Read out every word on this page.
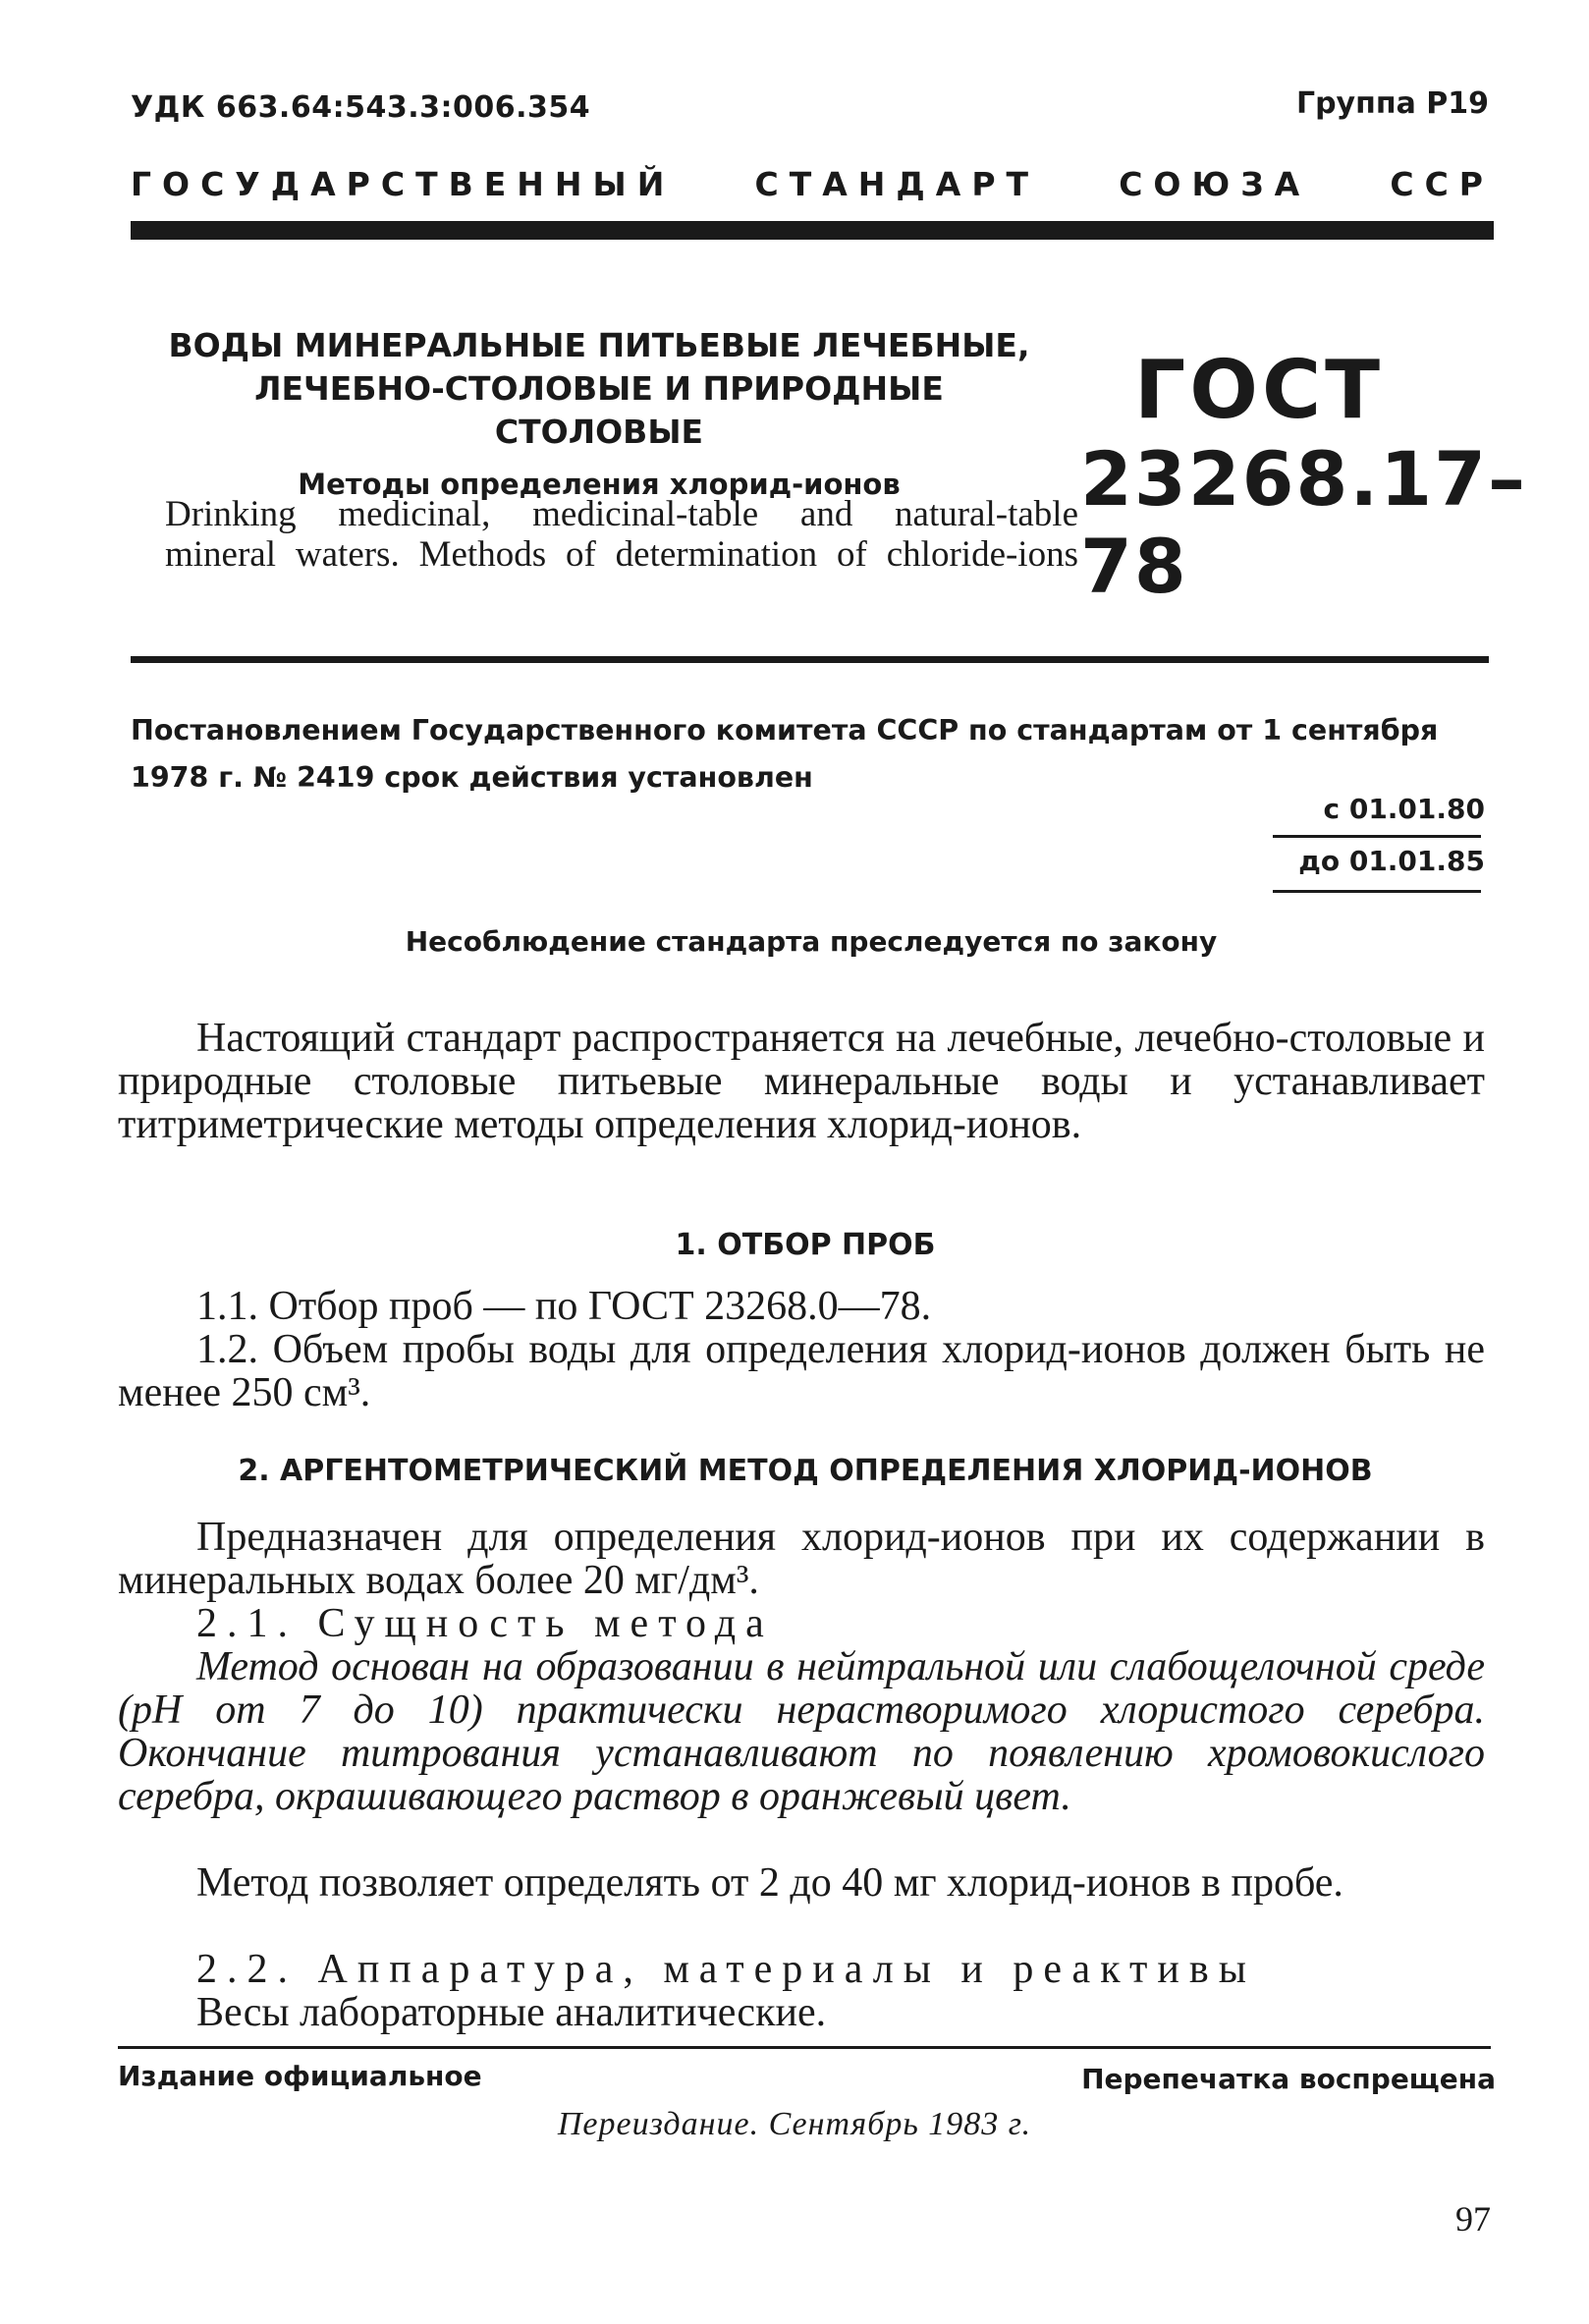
УДК 663.64:543.3:006.354	Группа Р19
ГОСУДАРСТВЕННЫЙ СТАНДАРТ СОЮЗА ССР
ВОДЫ МИНЕРАЛЬНЫЕ ПИТЬЕВЫЕ ЛЕЧЕБНЫЕ,
ЛЕЧЕБНО-СТОЛОВЫЕ И ПРИРОДНЫЕ СТОЛОВЫЕ
Методы определения хлорид-ионов
Drinking medicinal, medicinal-table and natural-table
mineral waters. Methods of determination of chloride-ions
ГОСТ
23268.17–78

Постановлением Государственного комитета СССР по стандартам от 1 сентября

1978 г. № 2419 срок действия установлен

с 01.01.80
до 01.01.85
Несоблюдение стандарта преследуется по закону

Настоящий стандарт распространяется на лечебные, лечебно-столовые и природные столовые питьевые минеральные воды и устанавливает титриметрические методы определения хлорид-ионов.

1. ОТБОР ПРОБ

1.1. Отбор проб — по ГОСТ 23268.0—78.

1.2. Объем пробы воды для определения хлорид-ионов должен быть не менее 250 см³.

2. АРГЕНТОМЕТРИЧЕСКИЙ МЕТОД ОПРЕДЕЛЕНИЯ ХЛОРИД-ИОНОВ

Предназначен для определения хлорид-ионов при их содержании в минеральных водах более 20 мг/дм³.

2.1. Сущность метода

Метод основан на образовании в нейтральной или слабощелочной среде (рН от 7 до 10) практически нерастворимого хлористого серебра. Окончание титрования устанавливают по появлению хромовокислого серебра, окрашивающего раствор в оранжевый цвет.

Метод позволяет определять от 2 до 40 мг хлорид-ионов в пробе.

2.2. Аппаратура, материалы и реактивы

Весы лабораторные аналитические.

Издание официальное	Перепечатка воспрещена
Переиздание. Сентябрь 1983 г.
97
